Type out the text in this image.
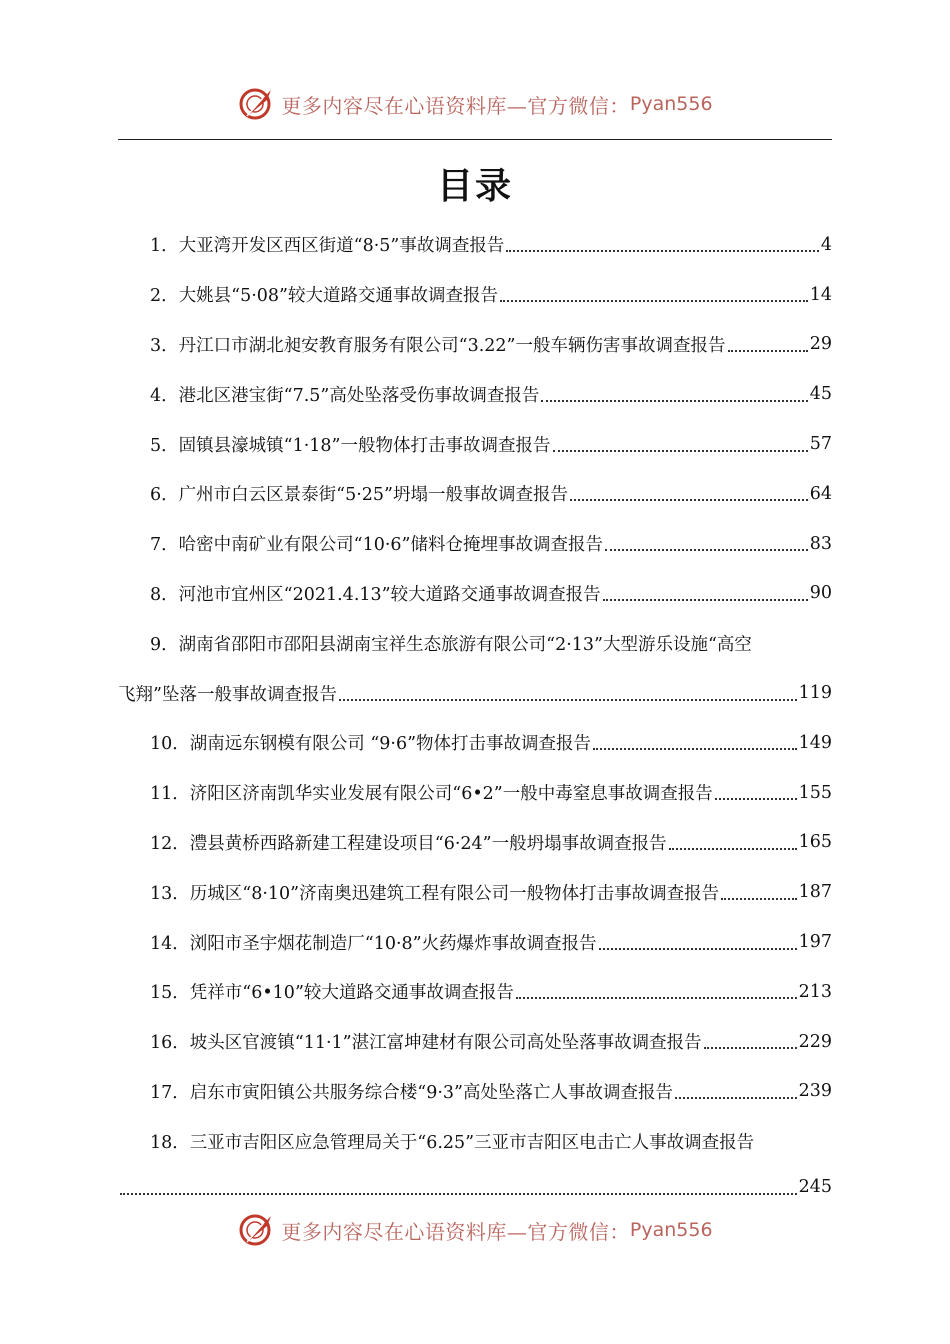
更多内容尽在心语资料库—官方微信： Pyan556
目录
1．大亚湾开发区西区街道“8·5”事故调查报告	4
2．大姚县“5·08”较大道路交通事故调查报告	14
3．丹江口市湖北昶安教育服务有限公司“3.22”一般车辆伤害事故调查报告	29
4．港北区港宝街“7.5”高处坠落受伤事故调查报告	45
5．固镇县濠城镇“1·18”一般物体打击事故调查报告	57
6．广州市白云区景泰街“5·25”坍塌一般事故调查报告	64
7．哈密中南矿业有限公司“10·6”储料仓掩埋事故调查报告	83
8．河池市宜州区“2021.4.13”较大道路交通事故调查报告	90
9．湖南省邵阳市邵阳县湖南宝祥生态旅游有限公司“2·13”大型游乐设施“高空
飞翔”坠落一般事故调查报告	119
10．湖南远东钢模有限公司 “9·6”物体打击事故调查报告	149
11．济阳区济南凯华实业发展有限公司“6•2”一般中毒窒息事故调查报告	155
12．澧县黄桥西路新建工程建设项目“6·24”一般坍塌事故调查报告	165
13．历城区“8·10”济南奥迅建筑工程有限公司一般物体打击事故调查报告	187
14．浏阳市圣宇烟花制造厂“10·8”火药爆炸事故调查报告	197
15．凭祥市“6•10”较大道路交通事故调查报告	213
16．坡头区官渡镇“11·1”湛江富坤建材有限公司高处坠落事故调查报告	229
17．启东市寅阳镇公共服务综合楼“9·3”高处坠落亡人事故调查报告	239
18．三亚市吉阳区应急管理局关于“6.25”三亚市吉阳区电击亡人事故调查报告
245
更多内容尽在心语资料库—官方微信： Pyan556
